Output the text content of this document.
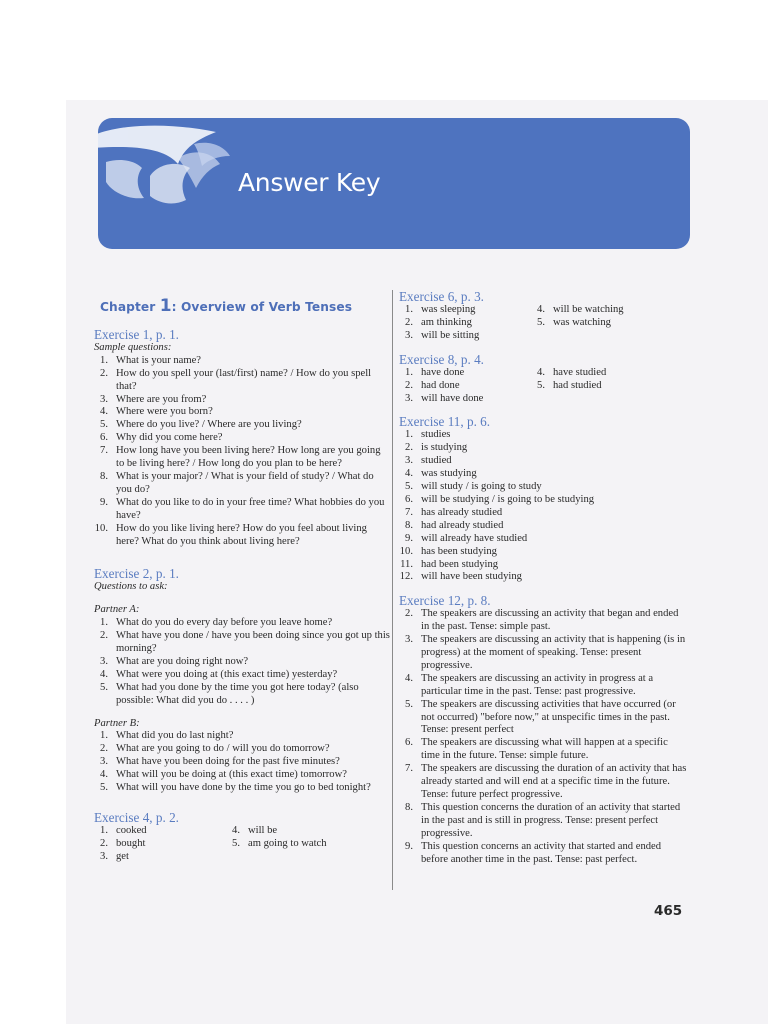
Answer Key
Chapter 1: Overview of Verb Tenses
Exercise 1, p. 1.
Sample questions:
1. What is your name?
2. How do you spell your (last/first) name? / How do you spell that?
3. Where are you from?
4. Where were you born?
5. Where do you live? / Where are you living?
6. Why did you come here?
7. How long have you been living here? How long are you going to be living here? / How long do you plan to be here?
8. What is your major? / What is your field of study? / What do you do?
9. What do you like to do in your free time? What hobbies do you have?
10. How do you like living here? How do you feel about living here? What do you think about living here?
Exercise 2, p. 1.
Questions to ask:
Partner A:
1. What do you do every day before you leave home?
2. What have you done / have you been doing since you got up this morning?
3. What are you doing right now?
4. What were you doing at (this exact time) yesterday?
5. What had you done by the time you got here today? (also possible: What did you do . . . . )
Partner B:
1. What did you do last night?
2. What are you going to do / will you do tomorrow?
3. What have you been doing for the past five minutes?
4. What will you be doing at (this exact time) tomorrow?
5. What will you have done by the time you go to bed tonight?
Exercise 4, p. 2.
1. cooked
2. bought
3. get
4. will be
5. am going to watch
Exercise 6, p. 3.
1. was sleeping
2. am thinking
3. will be sitting
4. will be watching
5. was watching
Exercise 8, p. 4.
1. have done
2. had done
3. will have done
4. have studied
5. had studied
Exercise 11, p. 6.
1. studies
2. is studying
3. studied
4. was studying
5. will study / is going to study
6. will be studying / is going to be studying
7. has already studied
8. had already studied
9. will already have studied
10. has been studying
11. had been studying
12. will have been studying
Exercise 12, p. 8.
2. The speakers are discussing an activity that began and ended in the past. Tense: simple past.
3. The speakers are discussing an activity that is happening (is in progress) at the moment of speaking. Tense: present progressive.
4. The speakers are discussing an activity in progress at a particular time in the past. Tense: past progressive.
5. The speakers are discussing activities that have occurred (or not occurred) "before now," at unspecific times in the past. Tense: present perfect
6. The speakers are discussing what will happen at a specific time in the future. Tense: simple future.
7. The speakers are discussing the duration of an activity that has already started and will end at a specific time in the future. Tense: future perfect progressive.
8. This question concerns the duration of an activity that started in the past and is still in progress. Tense: present perfect progressive.
9. This question concerns an activity that started and ended before another time in the past. Tense: past perfect.
465
